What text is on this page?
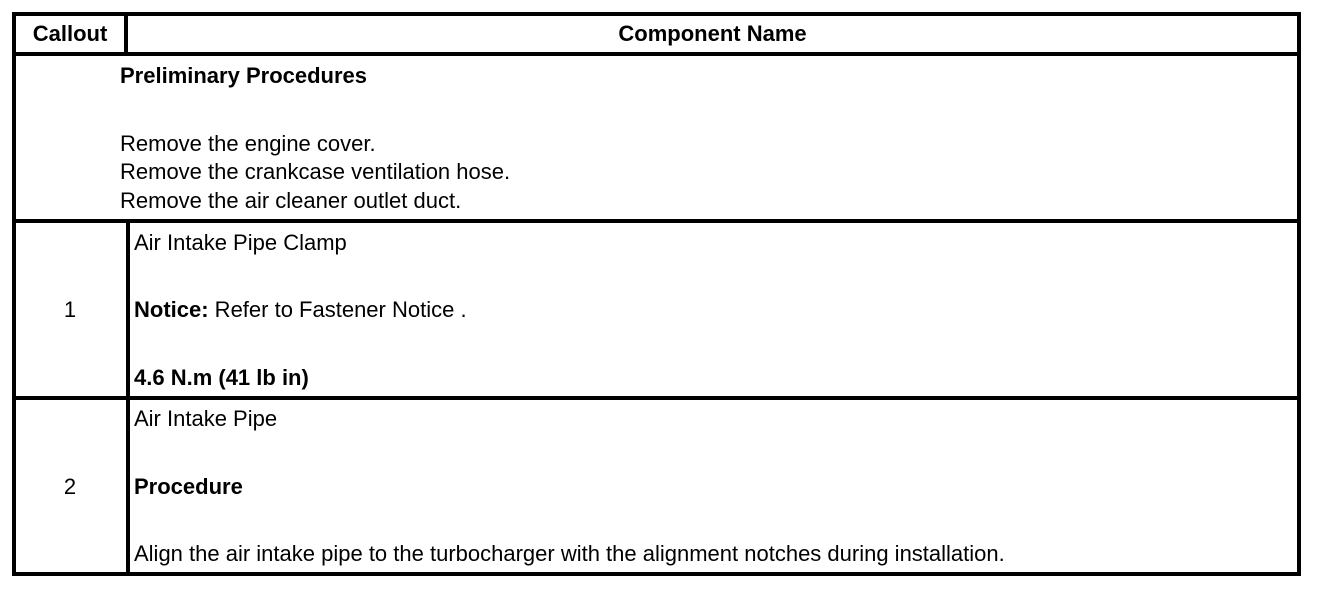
Callout	Component Name
Preliminary Procedures
Remove the engine cover.
Remove the crankcase ventilation hose.
Remove the air cleaner outlet duct.
1
Air Intake Pipe Clamp
Notice: Refer to Fastener Notice .
4.6 N.m (41 lb in)
2
Air Intake Pipe
Procedure
Align the air intake pipe to the turbocharger with the alignment notches during installation.
